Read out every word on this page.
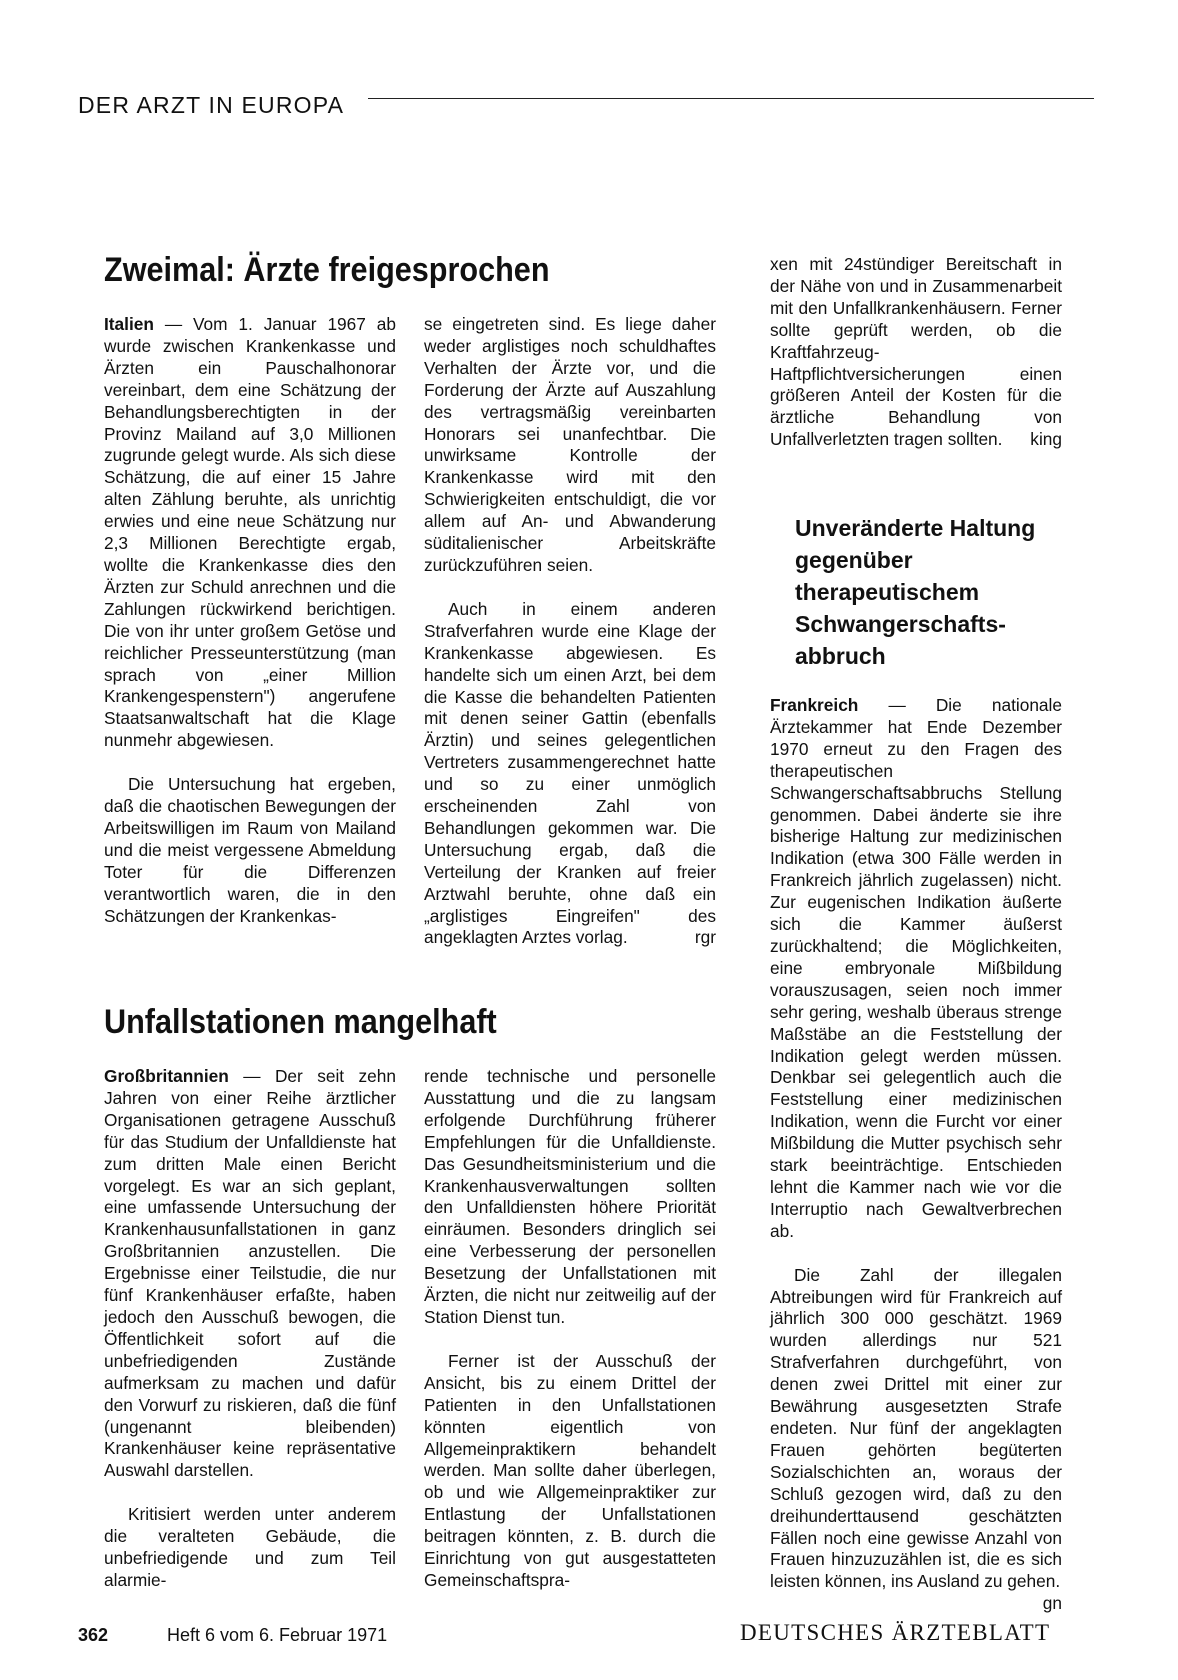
DER ARZT IN EUROPA
Zweimal: Ärzte freigesprochen

Italien — Vom 1. Januar 1967 ab wurde zwischen Krankenkasse und Ärzten ein Pauschalhonorar vereinbart, dem eine Schätzung der Behandlungsberechtigten in der Provinz Mailand auf 3,0 Millionen zugrunde gelegt wurde. Als sich diese Schätzung, die auf einer 15 Jahre alten Zählung beruhte, als unrichtig erwies und eine neue Schätzung nur 2,3 Millionen Berechtigte ergab, wollte die Krankenkasse dies den Ärzten zur Schuld anrechnen und die Zahlungen rückwirkend berichtigen. Die von ihr unter großem Getöse und reichlicher Presseunterstützung (man sprach von „einer Million Krankengespenstern") angerufene Staatsanwaltschaft hat die Klage nunmehr abgewiesen.

Die Untersuchung hat ergeben, daß die chaotischen Bewegungen der Arbeitswilligen im Raum von Mailand und die meist vergessene Abmeldung Toter für die Differenzen verantwortlich waren, die in den Schätzungen der Krankenkas-

se eingetreten sind. Es liege daher weder arglistiges noch schuldhaftes Verhalten der Ärzte vor, und die Forderung der Ärzte auf Auszahlung des vertragsmäßig vereinbarten Honorars sei unanfechtbar. Die unwirksame Kontrolle der Krankenkasse wird mit den Schwierigkeiten entschuldigt, die vor allem auf An- und Abwanderung süditalienischer Arbeitskräfte zurückzuführen seien.

Auch in einem anderen Strafverfahren wurde eine Klage der Krankenkasse abgewiesen. Es handelte sich um einen Arzt, bei dem die Kasse die behandelten Patienten mit denen seiner Gattin (ebenfalls Ärztin) und seines gelegentlichen Vertreters zusammengerechnet hatte und so zu einer unmöglich erscheinenden Zahl von Behandlungen gekommen war. Die Untersuchung ergab, daß die Verteilung der Kranken auf freier Arztwahl beruhte, ohne daß ein „arglistiges Eingreifen" des angeklagten Arztes vorlag.	rgr

Unfallstationen mangelhaft

Großbritannien — Der seit zehn Jahren von einer Reihe ärztlicher Organisationen getragene Ausschuß für das Studium der Unfalldienste hat zum dritten Male einen Bericht vorgelegt. Es war an sich geplant, eine umfassende Untersuchung der Krankenhausunfallstationen in ganz Großbritannien anzustellen. Die Ergebnisse einer Teilstudie, die nur fünf Krankenhäuser erfaßte, haben jedoch den Ausschuß bewogen, die Öffentlichkeit sofort auf die unbefriedigenden Zustände aufmerksam zu machen und dafür den Vorwurf zu riskieren, daß die fünf (ungenannt bleibenden) Krankenhäuser keine repräsentative Auswahl darstellen.

Kritisiert werden unter anderem die veralteten Gebäude, die unbefriedigende und zum Teil alarmie-

rende technische und personelle Ausstattung und die zu langsam erfolgende Durchführung früherer Empfehlungen für die Unfalldienste. Das Gesundheitsministerium und die Krankenhausverwaltungen sollten den Unfalldiensten höhere Priorität einräumen. Besonders dringlich sei eine Verbesserung der personellen Besetzung der Unfallstationen mit Ärzten, die nicht nur zeitweilig auf der Station Dienst tun.

Ferner ist der Ausschuß der Ansicht, bis zu einem Drittel der Patienten in den Unfallstationen könnten eigentlich von Allgemeinpraktikern behandelt werden. Man sollte daher überlegen, ob und wie Allgemeinpraktiker zur Entlastung der Unfallstationen beitragen könnten, z. B. durch die Einrichtung von gut ausgestatteten Gemeinschaftspra-

xen mit 24stündiger Bereitschaft in der Nähe von und in Zusammenarbeit mit den Unfallkrankenhäusern. Ferner sollte geprüft werden, ob die Kraftfahrzeug-Haftpflichtversicherungen einen größeren Anteil der Kosten für die ärztliche Behandlung von Unfallverletzten tragen sollten. king

Unveränderte Haltung
gegenüber
therapeutischem
Schwangerschafts-
abbruch

Frankreich — Die nationale Ärztekammer hat Ende Dezember 1970 erneut zu den Fragen des therapeutischen Schwangerschaftsabbruchs Stellung genommen. Dabei änderte sie ihre bisherige Haltung zur medizinischen Indikation (etwa 300 Fälle werden in Frankreich jährlich zugelassen) nicht. Zur eugenischen Indikation äußerte sich die Kammer äußerst zurückhaltend; die Möglichkeiten, eine embryonale Mißbildung vorauszusagen, seien noch immer sehr gering, weshalb überaus strenge Maßstäbe an die Feststellung der Indikation gelegt werden müssen. Denkbar sei gelegentlich auch die Feststellung einer medizinischen Indikation, wenn die Furcht vor einer Mißbildung die Mutter psychisch sehr stark beeinträchtige. Entschieden lehnt die Kammer nach wie vor die Interruptio nach Gewaltverbrechen ab.

Die Zahl der illegalen Abtreibungen wird für Frankreich auf jährlich 300 000 geschätzt. 1969 wurden allerdings nur 521 Strafverfahren durchgeführt, von denen zwei Drittel mit einer zur Bewährung ausgesetzten Strafe endeten. Nur fünf der angeklagten Frauen gehörten begüterten Sozialschichten an, woraus der Schluß gezogen wird, daß zu den dreihunderttausend geschätzten Fällen noch eine gewisse Anzahl von Frauen hinzuzuzählen ist, die es sich leisten können, ins Ausland zu gehen.
gn

362	Heft 6 vom 6. Februar 1971	DEUTSCHES ÄRZTEBLATT
